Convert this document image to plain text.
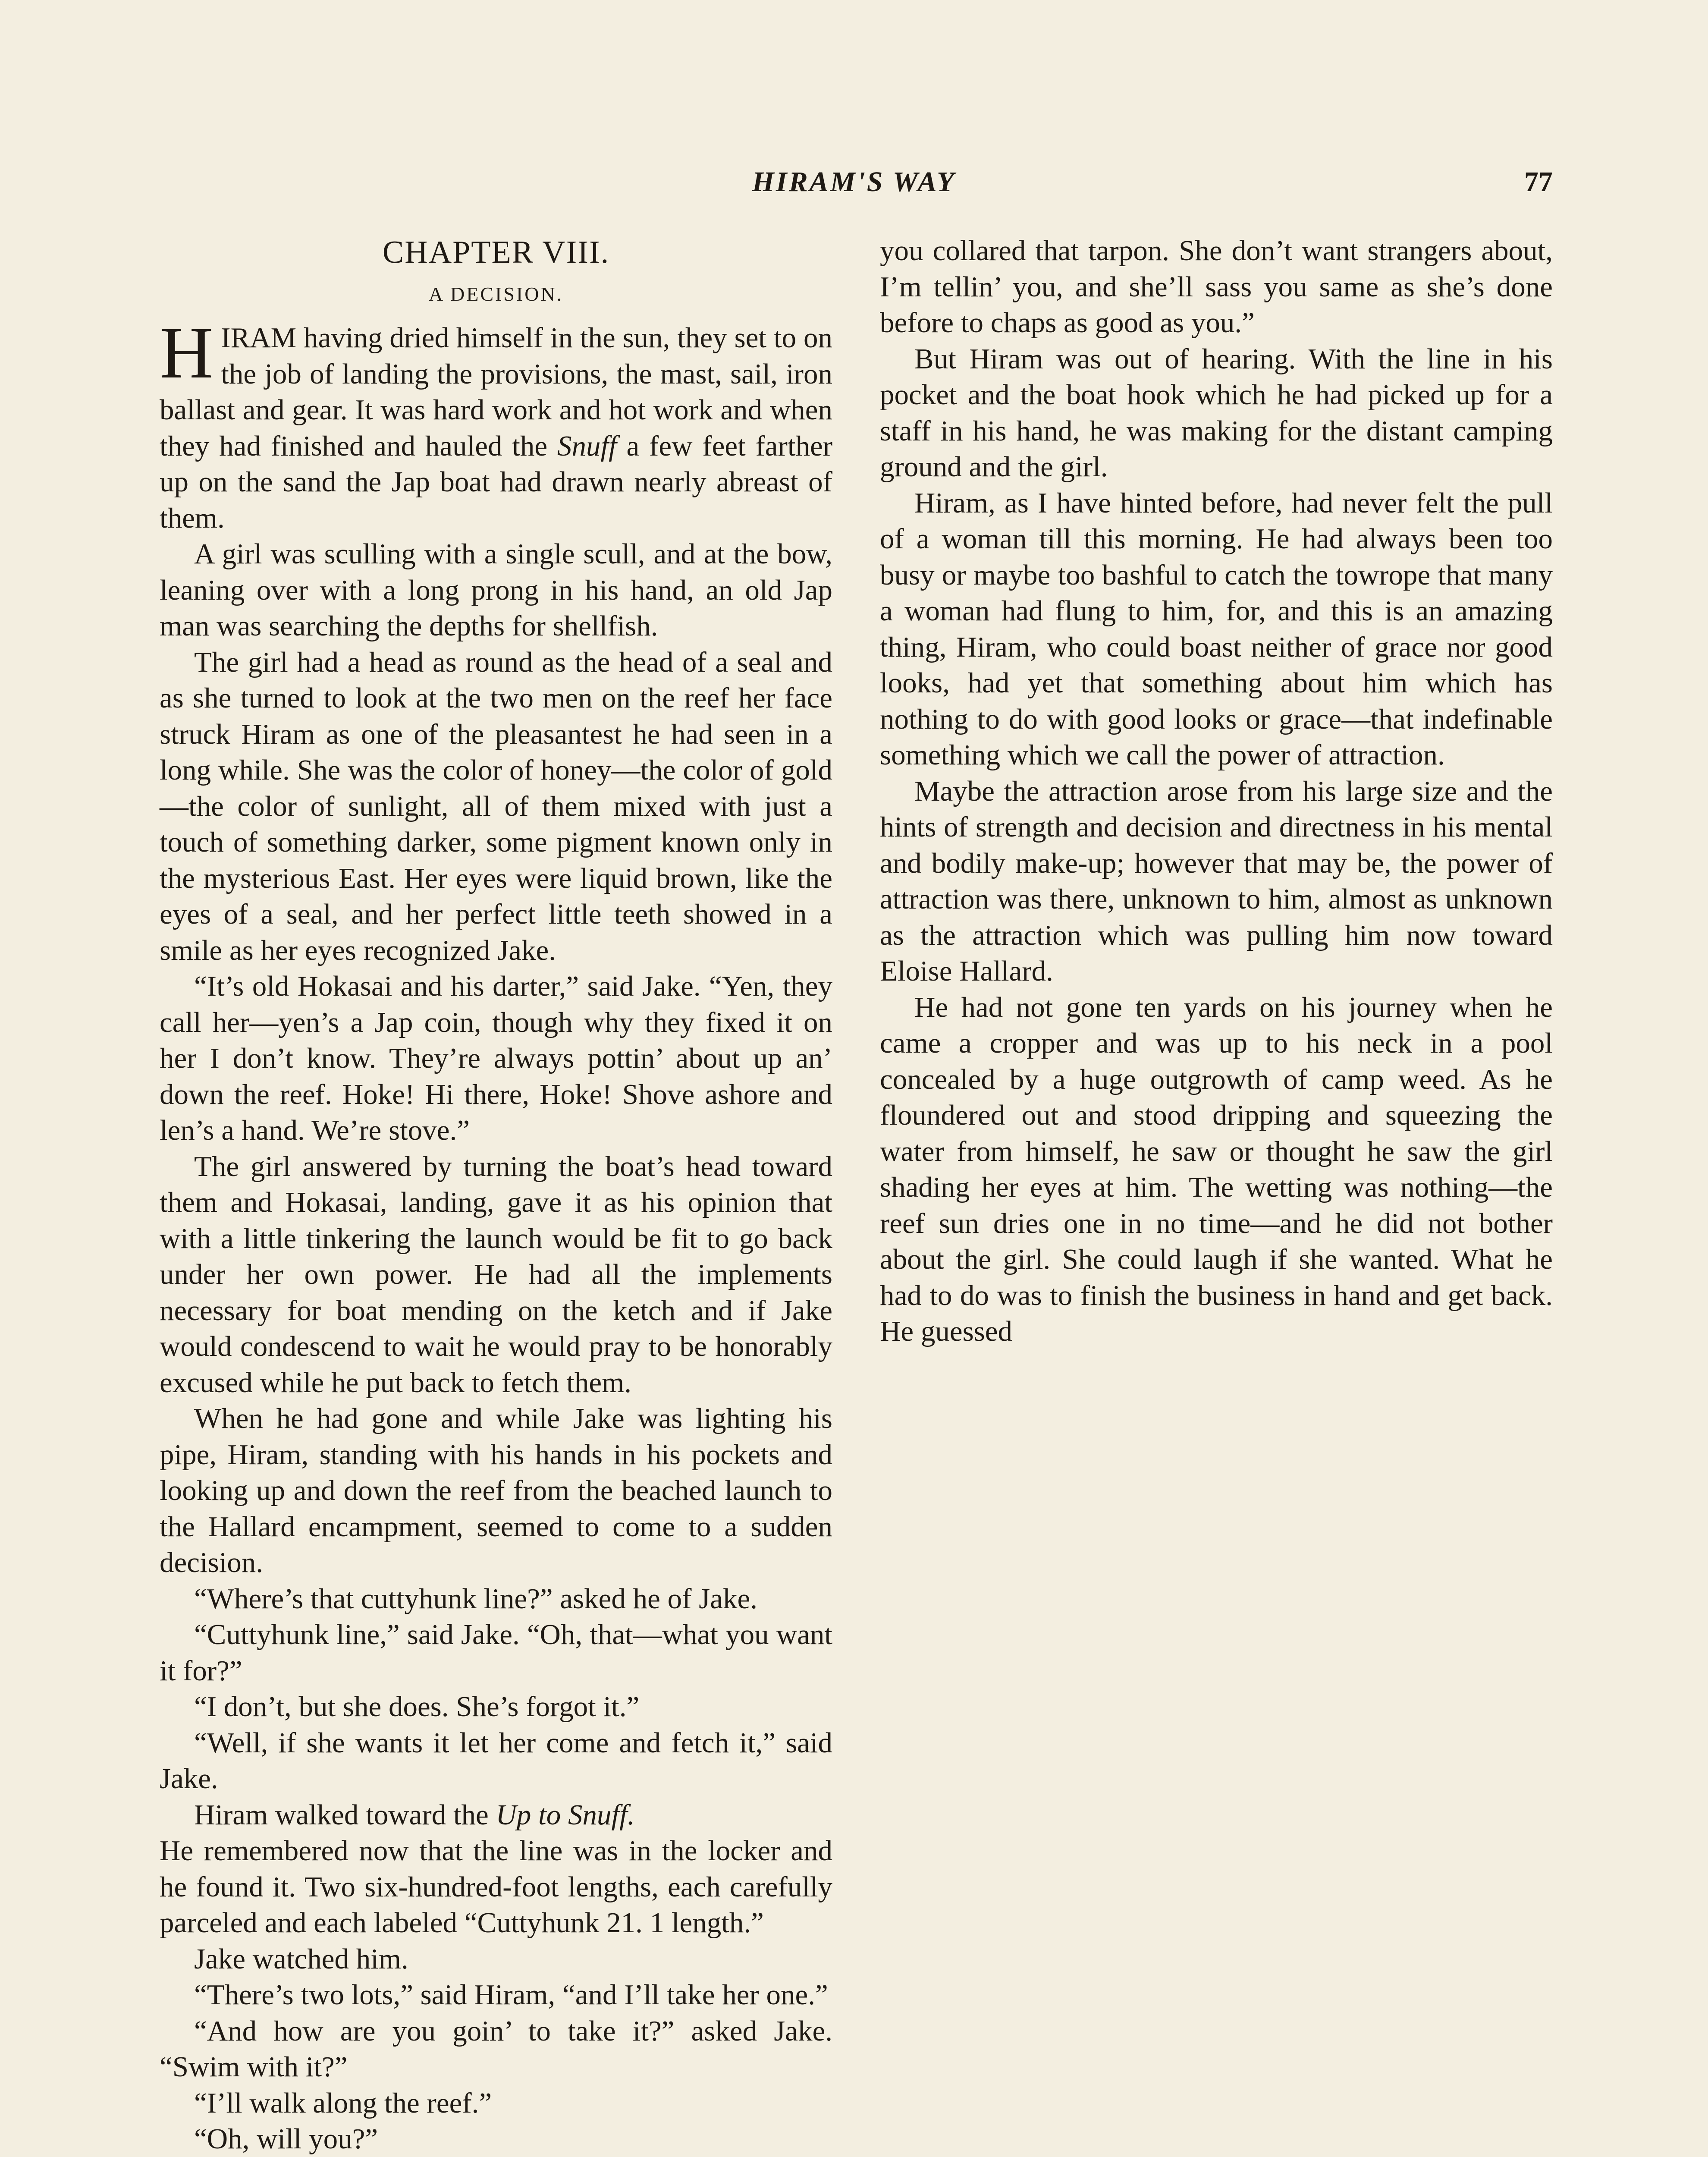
HIRAM'S WAY	77
CHAPTER VIII.
A DECISION.

HIRAM having dried himself in the sun, they set to on the job of landing the provisions, the mast, sail, iron ballast and gear. It was hard work and hot work and when they had finished and hauled the Snuff a few feet farther up on the sand the Jap boat had drawn nearly abreast of them.

A girl was sculling with a single scull, and at the bow, leaning over with a long prong in his hand, an old Jap man was searching the depths for shellfish.

The girl had a head as round as the head of a seal and as she turned to look at the two men on the reef her face struck Hiram as one of the pleasantest he had seen in a long while. She was the color of honey—the color of gold—the color of sunlight, all of them mixed with just a touch of something darker, some pigment known only in the mysterious East. Her eyes were liquid brown, like the eyes of a seal, and her perfect little teeth showed in a smile as her eyes recognized Jake.

“It’s old Hokasai and his darter,” said Jake. “Yen, they call her—yen’s a Jap coin, though why they fixed it on her I don’t know. They’re always pottin’ about up an’ down the reef. Hoke! Hi there, Hoke! Shove ashore and len’s a hand. We’re stove.”

The girl answered by turning the boat’s head toward them and Hokasai, landing, gave it as his opinion that with a little tinkering the launch would be fit to go back under her own power. He had all the implements necessary for boat mending on the ketch and if Jake would condescend to wait he would pray to be honorably excused while he put back to fetch them.

When he had gone and while Jake was lighting his pipe, Hiram, standing with his hands in his pockets and looking up and down the reef from the beached launch to the Hallard encampment, seemed to come to a sudden decision.

“Where’s that cuttyhunk line?” asked he of Jake.

“Cuttyhunk line,” said Jake. “Oh, that—what you want it for?”

“I don’t, but she does. She’s forgot it.”

“Well, if she wants it let her come and fetch it,” said Jake.

Hiram walked toward the Up to Snuff.

He remembered now that the line was in the locker and he found it. Two six-hundred-foot lengths, each carefully parceled and each labeled “Cuttyhunk 21. 1 length.”

Jake watched him.

“There’s two lots,” said Hiram, “and I’ll take her one.”

“And how are you goin’ to take it?” asked Jake. “Swim with it?”

“I’ll walk along the reef.”

“Oh, will you?”

you collared that tarpon. She don’t want strangers about, I’m tellin’ you, and she’ll sass you same as she’s done before to chaps as good as you.”

But Hiram was out of hearing. With the line in his pocket and the boat hook which he had picked up for a staff in his hand, he was making for the distant camping ground and the girl.

Hiram, as I have hinted before, had never felt the pull of a woman till this morning. He had always been too busy or maybe too bashful to catch the towrope that many a woman had flung to him, for, and this is an amazing thing, Hiram, who could boast neither of grace nor good looks, had yet that something about him which has nothing to do with good looks or grace—that indefinable something which we call the power of attraction.

Maybe the attraction arose from his large size and the hints of strength and decision and directness in his mental and bodily make-up; however that may be, the power of attraction was there, unknown to him, almost as unknown as the attraction which was pulling him now toward Eloise Hallard.

He had not gone ten yards on his journey when he came a cropper and was up to his neck in a pool concealed by a huge outgrowth of camp weed. As he floundered out and stood dripping and squeezing the water from himself, he saw or thought he saw the girl shading her eyes at him. The wetting was nothing—the reef sun dries one in no time—and he did not bother about the girl. She could laugh if she wanted. What he had to do was to finish the business in hand and get back. He guessed
